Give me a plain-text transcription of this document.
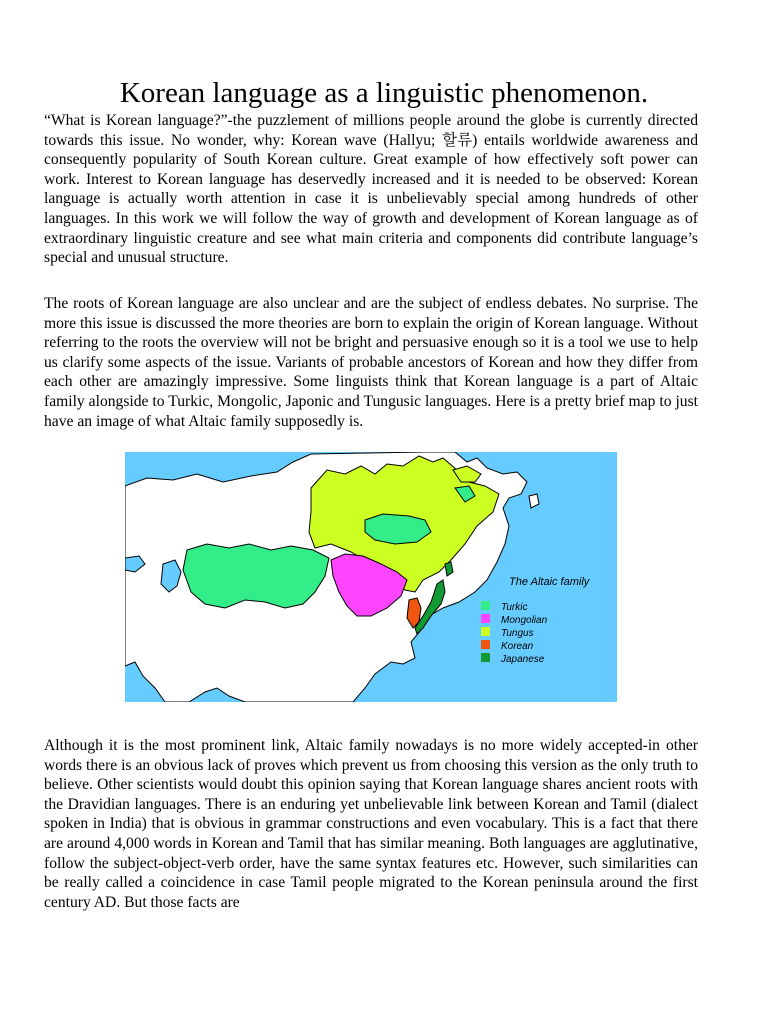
Korean language as a linguistic phenomenon.

“What is Korean language?”-the puzzlement of millions people around the globe is currently directed towards this issue. No wonder, why: Korean wave (Hallyu; 할류) entails worldwide awareness and consequently popularity of South Korean culture. Great example of how effectively soft power can work. Interest to Korean language has deservedly increased and it is needed to be observed: Korean language is actually worth attention in case it is unbelievably special among hundreds of other languages. In this work we will follow the way of growth and development of Korean language as of extraordinary linguistic creature and see what main criteria and components did contribute language’s special and unusual structure.

The roots of Korean language are also unclear and are the subject of endless debates. No surprise. The more this issue is discussed the more theories are born to explain the origin of Korean language. Without referring to the roots the overview will not be bright and persuasive enough so it is a tool we use to help us clarify some aspects of the issue. Variants of probable ancestors of Korean and how they differ from each other are amazingly impressive. Some linguists think that Korean language is a part of Altaic family alongside to Turkic, Mongolic, Japonic and Tungusic languages. Here is a pretty brief map to just have an image of what Altaic family supposedly is.

The Altaic family
Turkic
Mongolian
Tungus
Korean
Japanese

Although it is the most prominent link, Altaic family nowadays is no more widely accepted-in other words there is an obvious lack of proves which prevent us from choosing this version as the only truth to believe. Other scientists would doubt this opinion saying that Korean language shares ancient roots with the Dravidian languages. There is an enduring yet unbelievable link between Korean and Tamil (dialect spoken in India) that is obvious in grammar constructions and even vocabulary. This is a fact that there are around 4,000 words in Korean and Tamil that has similar meaning. Both languages are agglutinative, follow the subject-object-verb order, have the same syntax features etc. However, such similarities can be really called a coincidence in case Tamil people migrated to the Korean peninsula around the first century AD. But those facts are
